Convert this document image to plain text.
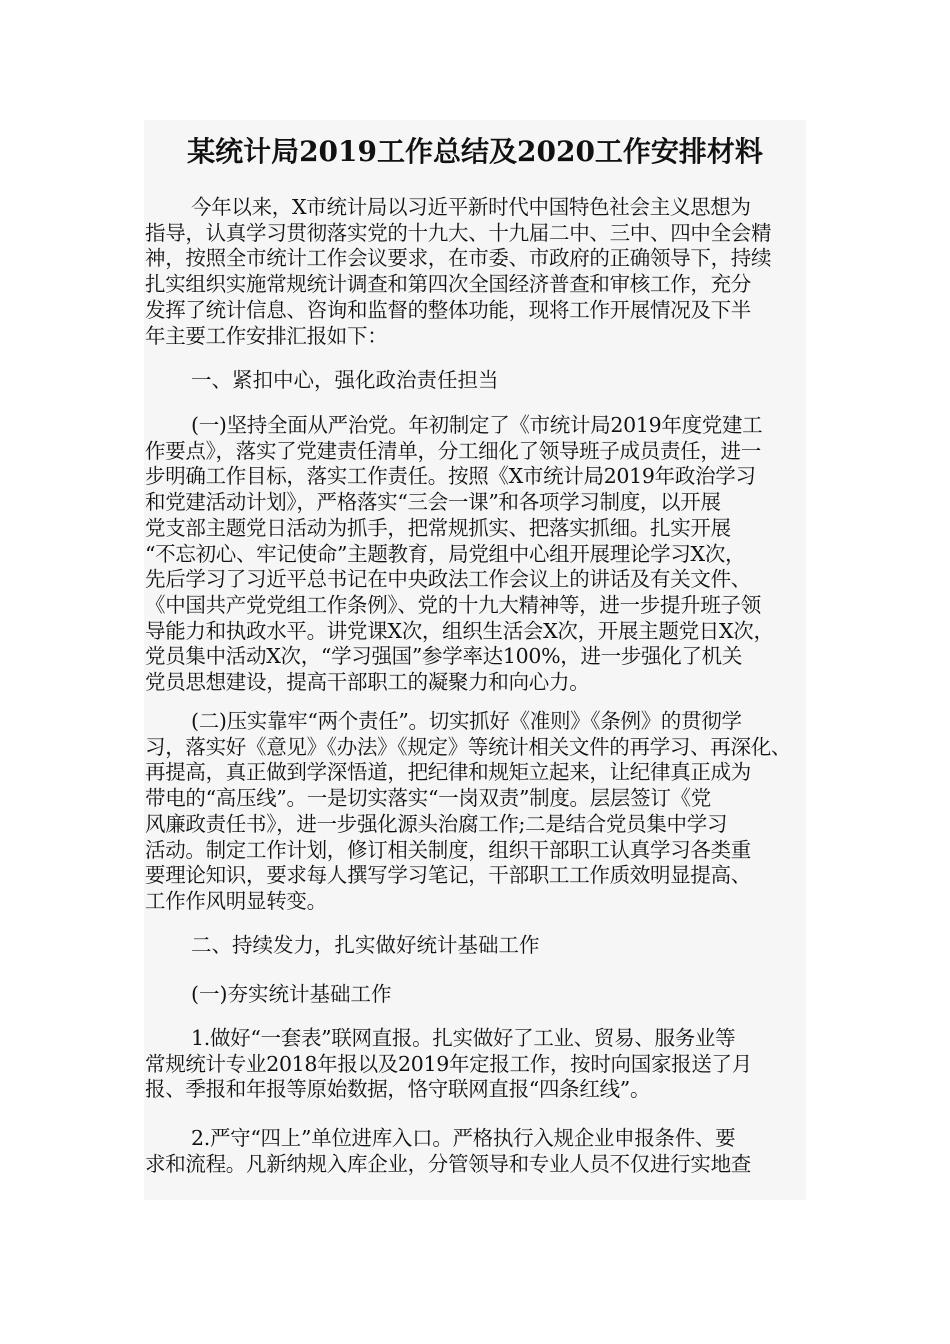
某统计局2019工作总结及2020工作安排材料
今年以来，X市统计局以习近平新时代中国特色社会主义思想为
指导，认真学习贯彻落实党的十九大、十九届二中、三中、四中全会精
神，按照全市统计工作会议要求，在市委、市政府的正确领导下，持续
扎实组织实施常规统计调查和第四次全国经济普查和审核工作，充分
发挥了统计信息、咨询和监督的整体功能，现将工作开展情况及下半
年主要工作安排汇报如下：
一、紧扣中心，强化政治责任担当
(一)坚持全面从严治党。年初制定了《市统计局2019年度党建工
作要点》，落实了党建责任清单，分工细化了领导班子成员责任，进一
步明确工作目标，落实工作责任。按照《X市统计局2019年政治学习
和党建活动计划》，严格落实“三会一课”和各项学习制度，以开展
党支部主题党日活动为抓手，把常规抓实、把落实抓细。扎实开展
“不忘初心、牢记使命”主题教育，局党组中心组开展理论学习X次，
先后学习了习近平总书记在中央政法工作会议上的讲话及有关文件、
《中国共产党党组工作条例》、党的十九大精神等，进一步提升班子领
导能力和执政水平。讲党课X次，组织生活会X次，开展主题党日X次，
党员集中活动X次，“学习强国”参学率达100%，进一步强化了机关
党员思想建设，提高干部职工的凝聚力和向心力。
(二)压实靠牢“两个责任”。切实抓好《准则》《条例》的贯彻学
习，落实好《意见》《办法》《规定》等统计相关文件的再学习、再深化、
再提高，真正做到学深悟道，把纪律和规矩立起来，让纪律真正成为
带电的“高压线”。一是切实落实“一岗双责”制度。层层签订《党
风廉政责任书》，进一步强化源头治腐工作;二是结合党员集中学习
活动。制定工作计划，修订相关制度，组织干部职工认真学习各类重
要理论知识，要求每人撰写学习笔记，干部职工工作质效明显提高、
工作作风明显转变。
二、持续发力，扎实做好统计基础工作
(一)夯实统计基础工作
1.做好“一套表”联网直报。扎实做好了工业、贸易、服务业等
常规统计专业2018年报以及2019年定报工作，按时向国家报送了月
报、季报和年报等原始数据，恪守联网直报“四条红线”。
2.严守“四上”单位进库入口。严格执行入规企业申报条件、要
求和流程。凡新纳规入库企业，分管领导和专业人员不仅进行实地查
